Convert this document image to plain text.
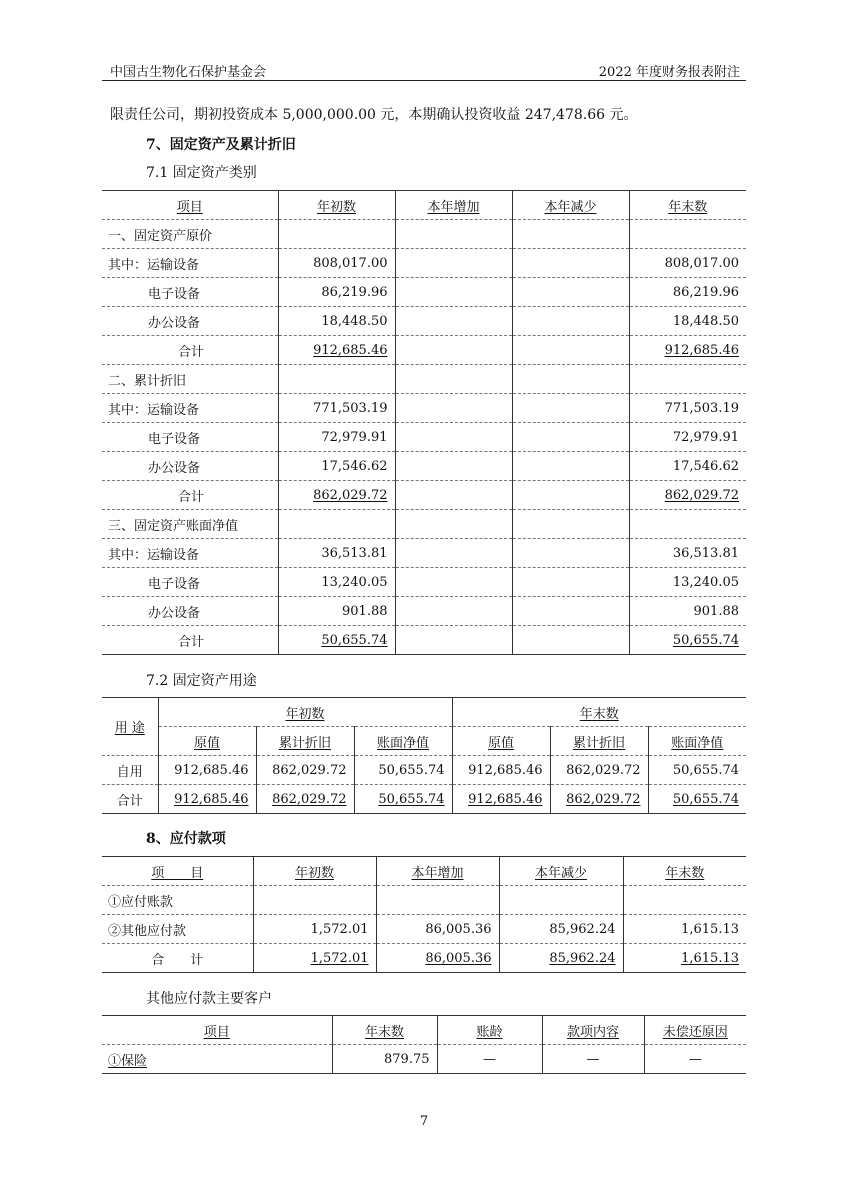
中国古生物化石保护基金会	2022 年度财务报表附注
限责任公司，期初投资成本 5,000,000.00 元，本期确认投资收益 247,478.66 元。
7、固定资产及累计折旧
7.1 固定资产类别
项目	年初数	本年增加	本年减少	年末数
一、固定资产原价				
其中：运输设备	808,017.00			808,017.00
电子设备	86,219.96			86,219.96
办公设备	18,448.50			18,448.50
合计	912,685.46			912,685.46
二、累计折旧				
其中：运输设备	771,503.19			771,503.19
电子设备	72,979.91			72,979.91
办公设备	17,546.62			17,546.62
合计	862,029.72			862,029.72
三、固定资产账面净值				
其中：运输设备	36,513.81			36,513.81
电子设备	13,240.05			13,240.05
办公设备	901.88			901.88
合计	50,655.74			50,655.74
7.2 固定资产用途
用 途	年初数			年末数		
	原值	累计折旧	账面净值	原值	累计折旧	账面净值
自用	912,685.46	862,029.72	50,655.74	912,685.46	862,029.72	50,655.74
合计	912,685.46	862,029.72	50,655.74	912,685.46	862,029.72	50,655.74
8、应付款项
项　　目	年初数	本年增加	本年减少	年末数
①应付账款				
②其他应付款	1,572.01	86,005.36	85,962.24	1,615.13
合　　计	1,572.01	86,005.36	85,962.24	1,615.13
其他应付款主要客户
项目	年末数	账龄	款项内容	未偿还原因
①保险	879.75	—	—	—
7
